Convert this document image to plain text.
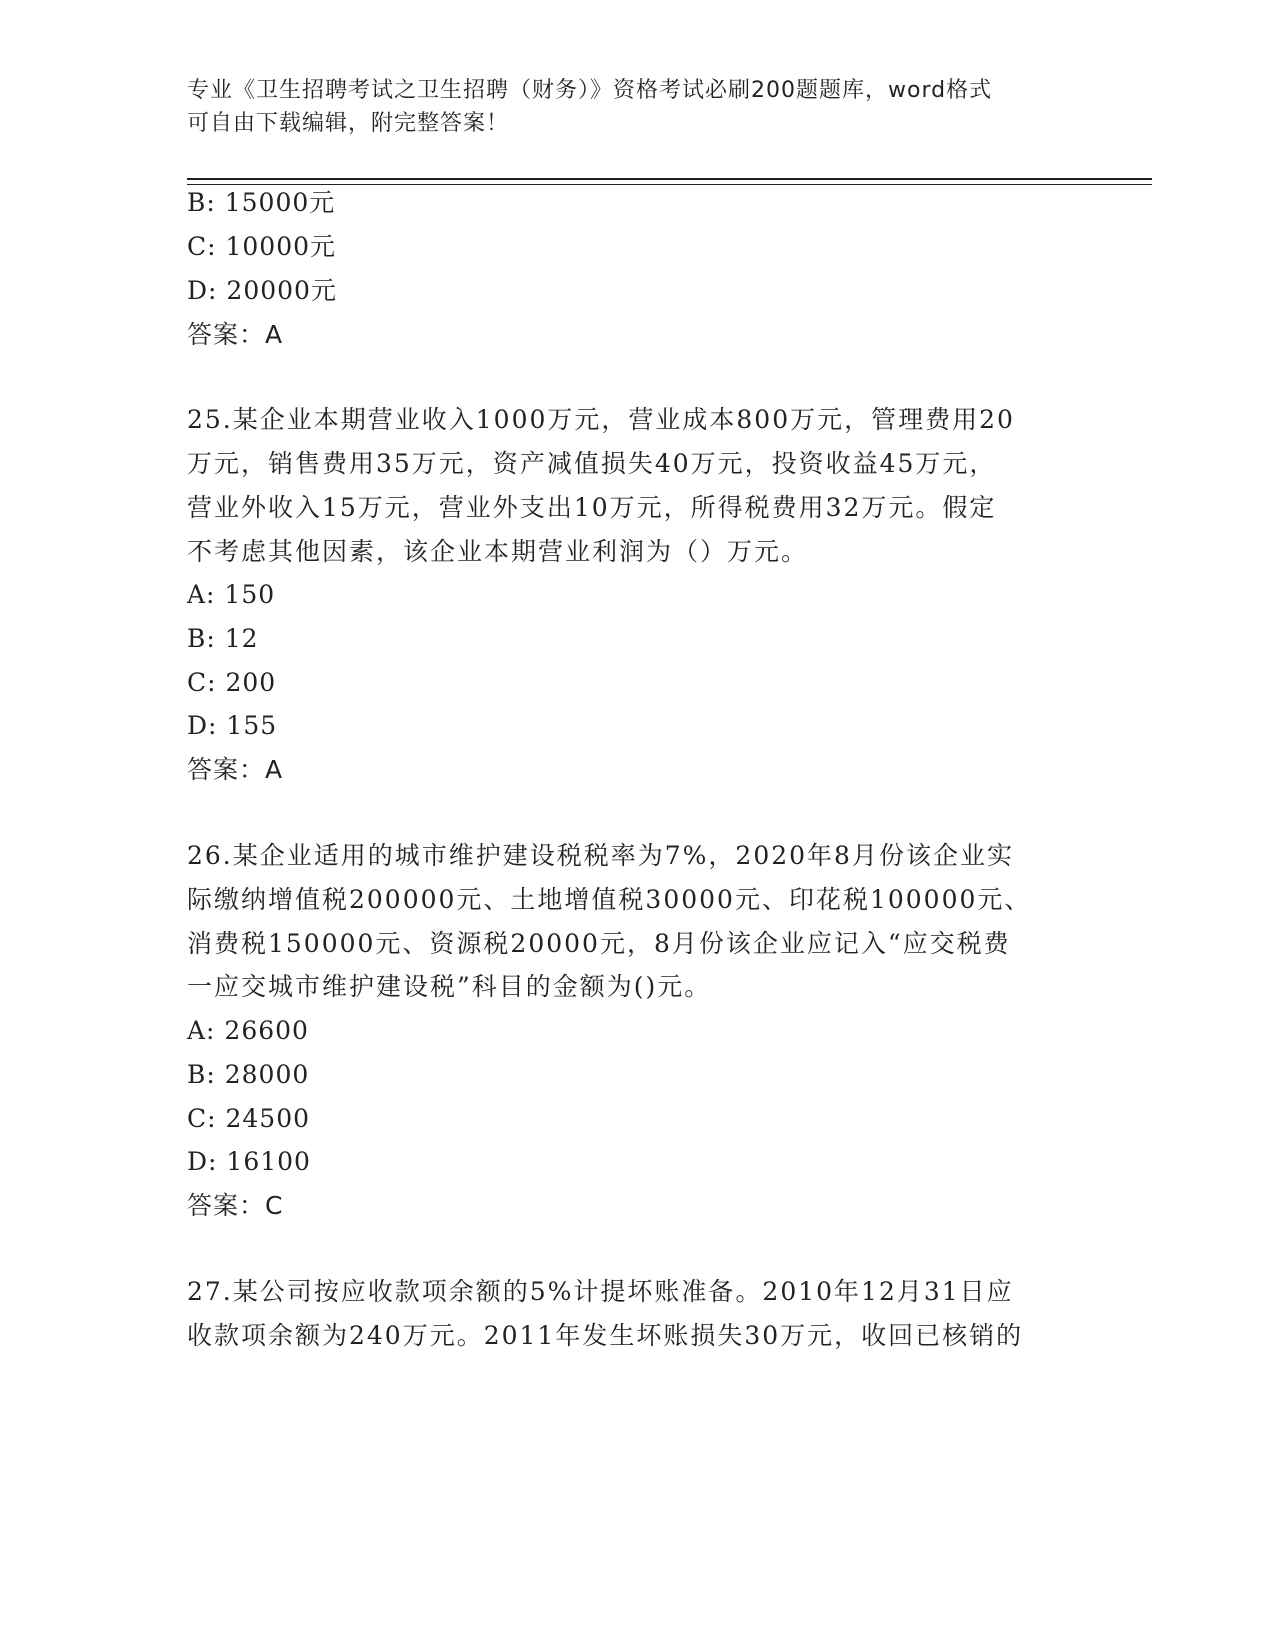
专业《卫生招聘考试之卫生招聘（财务）》资格考试必刷200题题库，word格式
可自由下载编辑，附完整答案！
B: 15000元
C: 10000元
D: 20000元
答案：A
25.某企业本期营业收入1000万元，营业成本800万元，管理费用20
万元，销售费用35万元，资产减值损失40万元，投资收益45万元，
营业外收入15万元，营业外支出10万元，所得税费用32万元。假定
不考虑其他因素，该企业本期营业利润为（）万元。
A: 150
B: 12
C: 200
D: 155
答案：A
26.某企业适用的城市维护建设税税率为7%，2020年8月份该企业实
际缴纳增值税200000元、土地增值税30000元、印花税100000元、
消费税150000元、资源税20000元，8月份该企业应记入“应交税费
一应交城市维护建设税”科目的金额为()元。
A: 26600
B: 28000
C: 24500
D: 16100
答案：C
27.某公司按应收款项余额的5%计提坏账准备。2010年12月31日应
收款项余额为240万元。2011年发生坏账损失30万元，收回已核销的
